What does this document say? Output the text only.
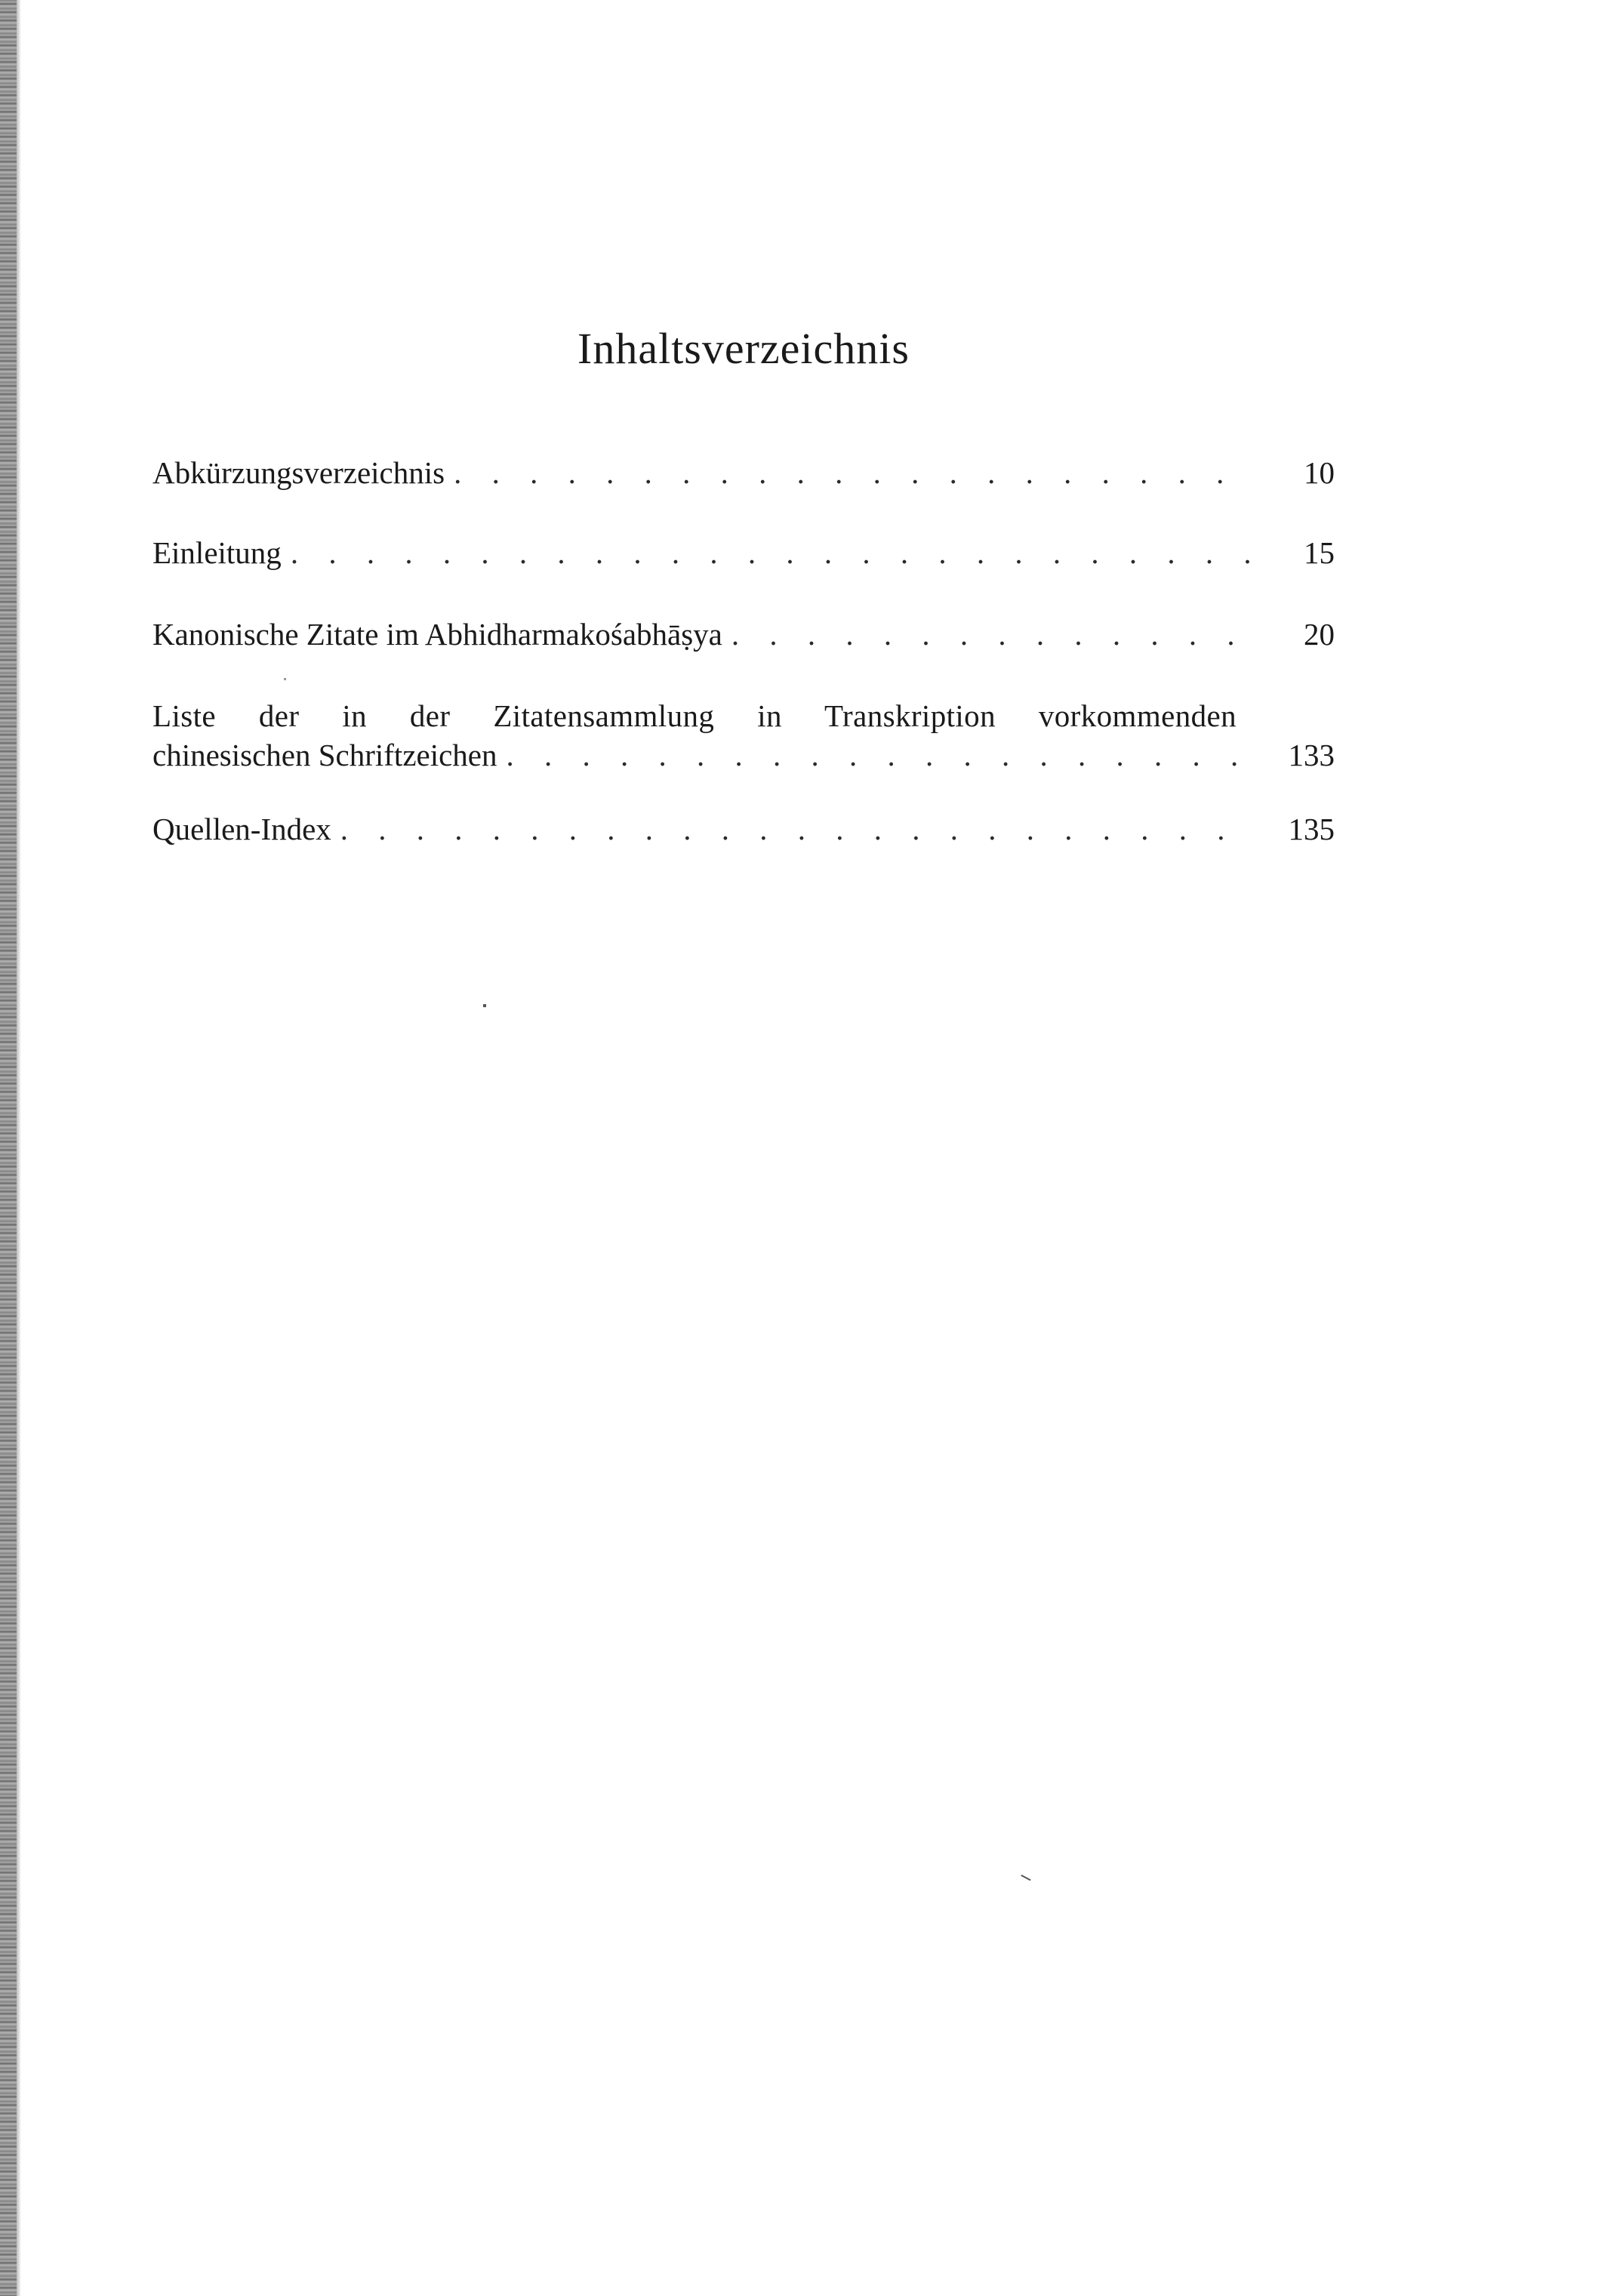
Inhaltsverzeichnis
Abkürzungsverzeichnis . . .	10
Einleitung . . .	15
Kanonische Zitate im Abhidharmakośabhāṣya . . .	20
Liste der in der Zitatensammlung in Transkription vorkommenden
chinesischen Schriftzeichen . . .	133
Quellen-Index . . .	135
